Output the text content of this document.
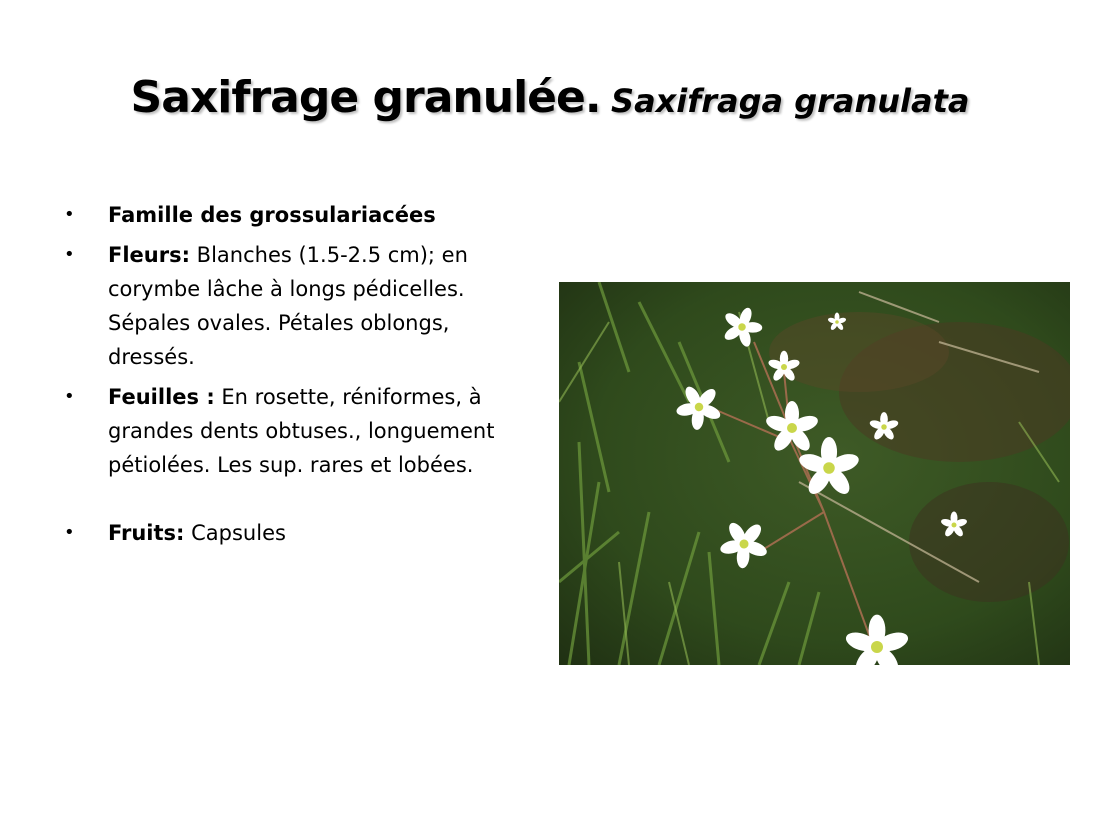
Saxifrage granulée. Saxifraga granulata
• Famille des grossulariacées
• Fleurs: Blanches (1.5-2.5 cm); en corymbe lâche à longs pédicelles. Sépales ovales. Pétales oblongs, dressés.
• Feuilles : En rosette, réniformes, à grandes dents obtuses., longuement pétiolées. Les sup. rares et lobées.
• Fruits: Capsules
